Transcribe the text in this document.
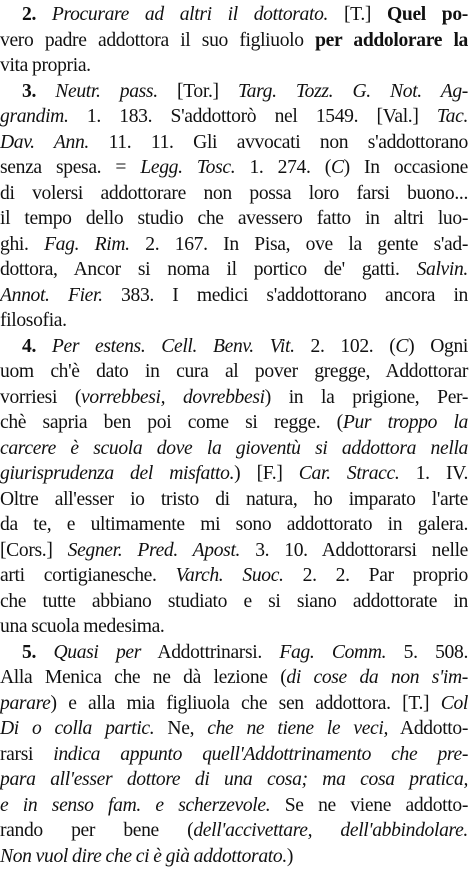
2. Procurare ad altri il dottorato. [T.] Quel po-
vero padre addottora il suo figliuolo per addolorare la
vita propria.
3. Neutr. pass. [Tor.] Targ. Tozz. G. Not. Ag-
grandim. 1. 183. S'addottorò nel 1549. [Val.] Tac.
Dav. Ann. 11. 11. Gli avvocati non s'addottorano
senza spesa. = Legg. Tosc. 1. 274. (C) In occasione
di volersi addottorare non possa loro farsi buono...
il tempo dello studio che avessero fatto in altri luo-
ghi. Fag. Rim. 2. 167. In Pisa, ove la gente s'ad-
dottora, Ancor si noma il portico de' gatti. Salvin.
Annot. Fier. 383. I medici s'addottorano ancora in
filosofia.
4. Per estens. Cell. Benv. Vit. 2. 102. (C) Ogni
uom ch'è dato in cura al pover gregge, Addottorar
vorriesi (vorrebbesi, dovrebbesi) in la prigione, Per-
chè sapria ben poi come si regge. (Pur troppo la
carcere è scuola dove la gioventù si addottora nella
giurisprudenza del misfatto.) [F.] Car. Stracc. 1. IV.
Oltre all'esser io tristo di natura, ho imparato l'arte
da te, e ultimamente mi sono addottorato in galera.
[Cors.] Segner. Pred. Apost. 3. 10. Addottorarsi nelle
arti cortigianesche. Varch. Suoc. 2. 2. Par proprio
che tutte abbiano studiato e si siano addottorate in
una scuola medesima.
5. Quasi per Addottrinarsi. Fag. Comm. 5. 508.
Alla Menica che ne dà lezione (di cose da non s'im-
parare) e alla mia figliuola che sen addottora. [T.] Col
Di o colla partic. Ne, che ne tiene le veci, Addotto-
rarsi indica appunto quell'Addottrinamento che pre-
para all'esser dottore di una cosa; ma cosa pratica,
e in senso fam. e scherzevole. Se ne viene addotto-
rando per bene (dell'accivettare, dell'abbindolare.
Non vuol dire che ci è già addottorato.)
